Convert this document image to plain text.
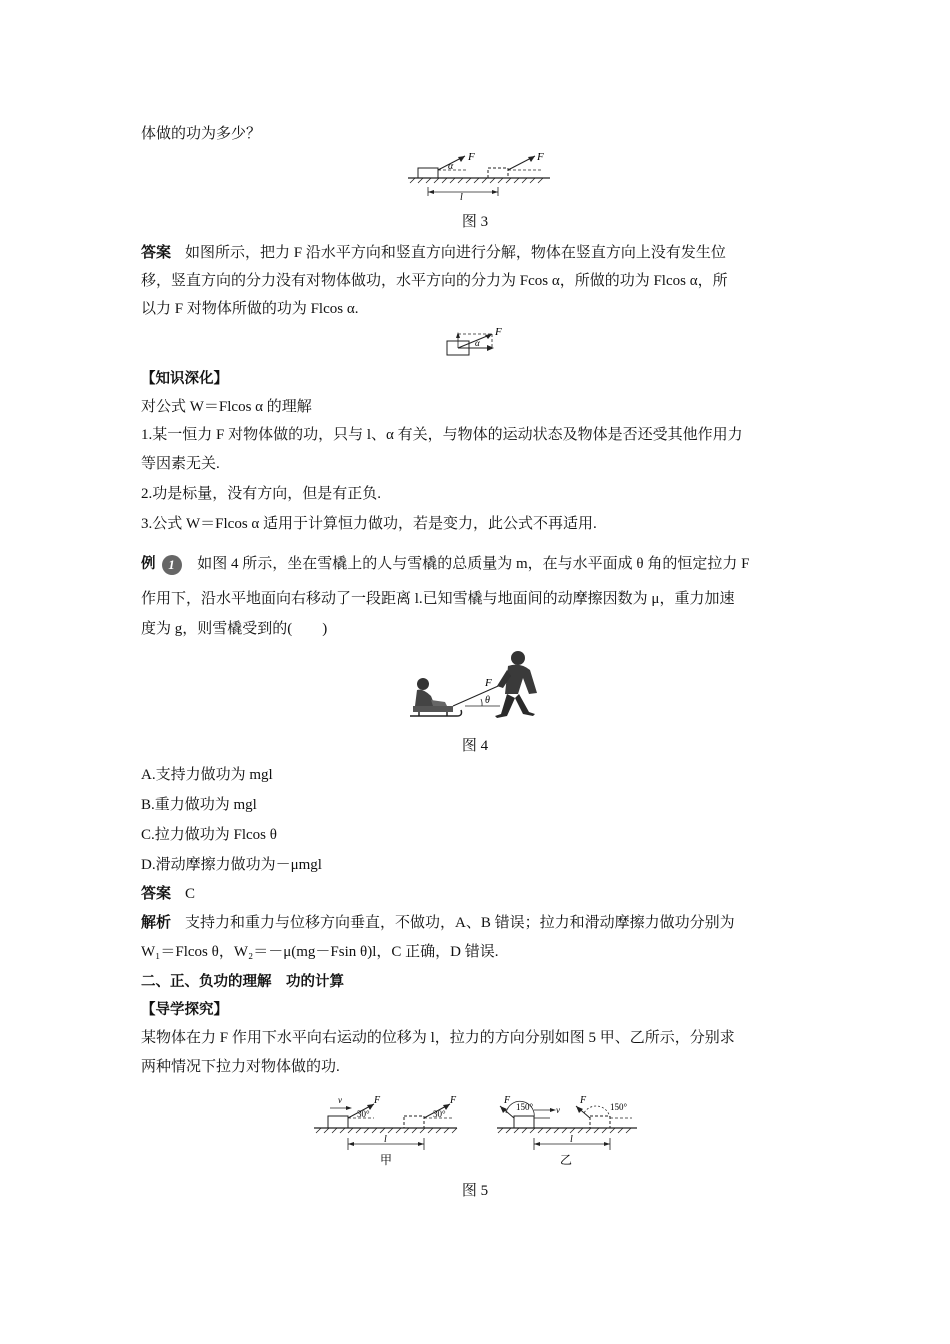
体做的功为多少？
F
α
F
l
图 3
答案 如图所示，把力 F 沿水平方向和竖直方向进行分解，物体在竖直方向上没有发生位
移，竖直方向的分力没有对物体做功，水平方向的分力为 Fcos α，所做的功为 Flcos α，所
以力 F 对物体所做的功为 Flcos α.
F
α
【知识深化】
对公式 W＝Flcos α 的理解
1.某一恒力 F 对物体做的功，只与 l、α 有关，与物体的运动状态及物体是否还受其他作用力
等因素无关.
2.功是标量，没有方向，但是有正负.
3.公式 W＝Flcos α 适用于计算恒力做功，若是变力，此公式不再适用.
例 1 如图 4 所示，坐在雪橇上的人与雪橇的总质量为 m，在与水平面成 θ 角的恒定拉力 F
作用下，沿水平地面向右移动了一段距离 l.已知雪橇与地面间的动摩擦因数为 μ，重力加速
度为 g，则雪橇受到的(　　)
θ
F
图 4
A.支持力做功为 mgl
B.重力做功为 mgl
C.拉力做功为 Flcos θ
D.滑动摩擦力做功为－μmgl
答案 C
解析 支持力和重力与位移方向垂直，不做功，A、B 错误；拉力和滑动摩擦力做功分别为
W₁＝Flcos θ，W₂＝－μ(mg－Fsin θ)l，C 正确，D 错误.
二、正、负功的理解　功的计算
【导学探究】
某物体在力 F 作用下水平向右运动的位移为 l，拉力的方向分别如图 5 甲、乙所示，分别求
两种情况下拉力对物体做的功.
v	F
30°
F
30°
l
甲
F
150°	v
F
150°
l
乙
图 5
